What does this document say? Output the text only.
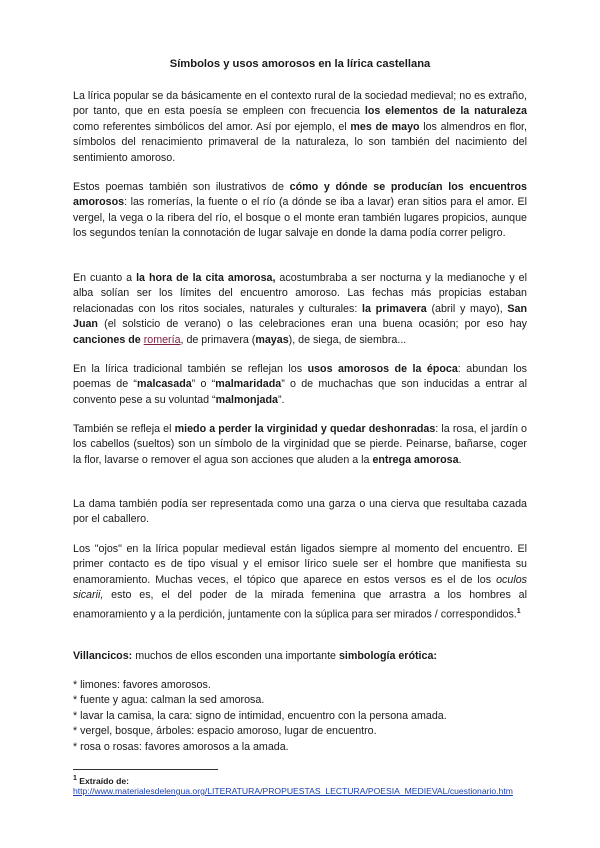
Símbolos y usos amorosos en la lírica castellana

La lírica popular se da básicamente en el contexto rural de la sociedad medieval; no es extraño, por tanto, que en esta poesía se empleen con frecuencia los elementos de la naturaleza como referentes simbólicos del amor. Así por ejemplo, el mes de mayo los almendros en flor, símbolos del renacimiento primaveral de la naturaleza, lo son también del nacimiento del sentimiento amoroso.

Estos poemas también son ilustrativos de cómo y dónde se producían los encuentros amorosos: las romerías, la fuente o el río (a dónde se iba a lavar) eran sitios para el amor. El vergel, la vega o la ribera del río, el bosque o el monte eran también lugares propicios, aunque los segundos tenían la connotación de lugar salvaje en donde la dama podía correr peligro.

En cuanto a la hora de la cita amorosa, acostumbraba a ser nocturna y la medianoche y el alba solían ser los límites del encuentro amoroso. Las fechas más propicias estaban relacionadas con los ritos sociales, naturales y culturales: la primavera (abril y mayo), San Juan (el solsticio de verano) o las celebraciones eran una buena ocasión; por eso hay canciones de romería, de primavera (mayas), de siega, de siembra...

En la lírica tradicional también se reflejan los usos amorosos de la época: abundan los poemas de “malcasada” o “malmaridada” o de muchachas que son inducidas a entrar al convento pese a su voluntad “malmonjada”.

También se refleja el miedo a perder la virginidad y quedar deshonradas: la rosa, el jardín o los cabellos (sueltos) son un símbolo de la virginidad que se pierde. Peinarse, bañarse, coger la flor, lavarse o remover el agua son acciones que aluden a la entrega amorosa.

La dama también podía ser representada como una garza o una cierva que resultaba cazada por el caballero.

Los "ojos" en la lírica popular medieval están ligados siempre al momento del encuentro. El primer contacto es de tipo visual y el emisor lírico suele ser el hombre que manifiesta su enamoramiento. Muchas veces, el tópico que aparece en estos versos es el de los oculos sicarii, esto es, el del poder de la mirada femenina que arrastra a los hombres al enamoramiento y a la perdición, juntamente con la súplica para ser mirados / correspondidos.$^1$

Villancicos: muchos de ellos esconden una importante simbología erótica:

* limones: favores amorosos.
* fuente y agua: calman la sed amorosa.
* lavar la camisa, la cara: signo de intimidad, encuentro con la persona amada.
* vergel, bosque, árboles: espacio amoroso, lugar de encuentro.
* rosa o rosas: favores amorosos a la amada.

$^1$ Extraído de:

http://www.materialesdelengua.org/LITERATURA/PROPUESTAS_LECTURA/POESIA_MEDIEVAL/cuestionario.htm
